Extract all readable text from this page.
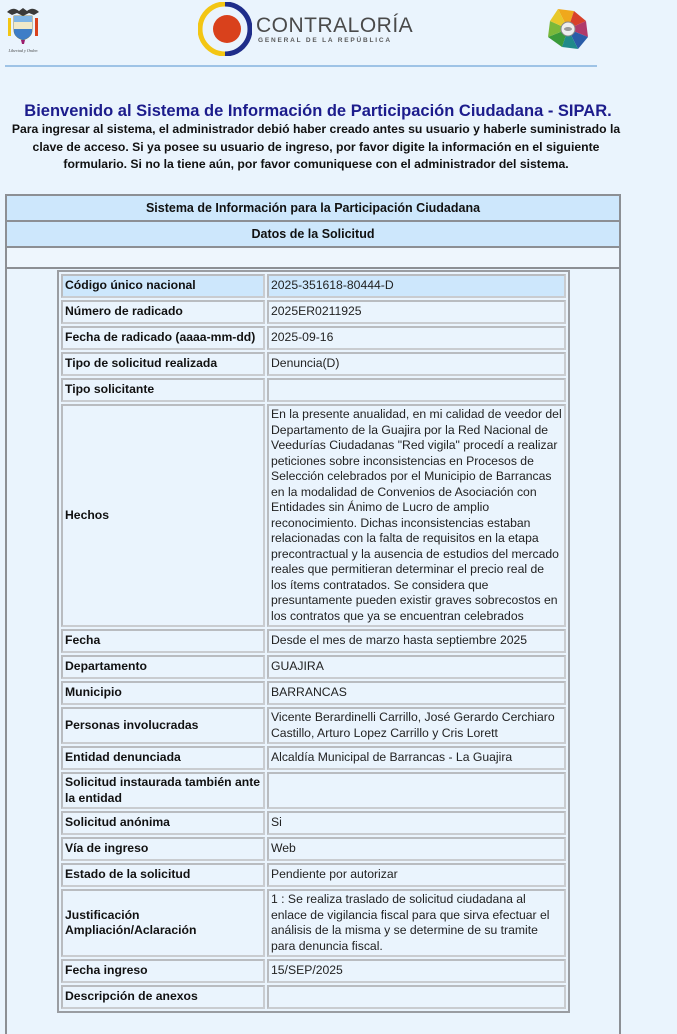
Libertad y Orden
CONTRALORÍA
GENERAL DE LA REPÚBLICA
Bienvenido al Sistema de Información de Participación Ciudadana - SIPAR.

Para ingresar al sistema, el administrador debió haber creado antes su usuario y haberle suministrado la

clave de acceso. Si ya posee su usuario de ingreso, por favor digite la información en el siguiente

formulario. Si no la tiene aún, por favor comuniquese con el administrador del sistema.

Sistema de Información para la Participación Ciudadana
Datos de la Solicitud
Código único nacional	2025-351618-80444-D
Número de radicado	2025ER0211925
Fecha de radicado (aaaa-mm-dd)	2025-09-16
Tipo de solicitud realizada	Denuncia(D)
Tipo solicitante	
Hechos	En la presente anualidad, en mi calidad de veedor del Departamento de la Guajira por la Red Nacional de Veedurías Ciudadanas "Red vigila" procedí a realizar peticiones sobre inconsistencias en Procesos de Selección celebrados por el Municipio de Barrancas en la modalidad de Convenios de Asociación con Entidades sin Ánimo de Lucro de amplio reconocimiento. Dichas inconsistencias estaban relacionadas con la falta de requisitos en la etapa precontractual y la ausencia de estudios del mercado reales que permitieran determinar el precio real de los ítems contratados. Se considera que presuntamente pueden existir graves sobrecostos en los contratos que ya se encuentran celebrados
Fecha	Desde el mes de marzo hasta septiembre 2025
Departamento	GUAJIRA
Municipio	BARRANCAS
Personas involucradas	Vicente Berardinelli Carrillo, José Gerardo Cerchiaro Castillo, Arturo Lopez Carrillo y Cris Lorett
Entidad denunciada	Alcaldía Municipal de Barrancas - La Guajira
Solicitud instaurada también ante la entidad	
Solicitud anónima	Si
Vía de ingreso	Web
Estado de la solicitud	Pendiente por autorizar
Justificación Ampliación/Aclaración	1 : Se realiza traslado de solicitud ciudadana al enlace de vigilancia fiscal para que sirva efectuar el análisis de la misma y se determine de su tramite para denuncia fiscal.
Fecha ingreso	15/SEP/2025
Descripción de anexos	
